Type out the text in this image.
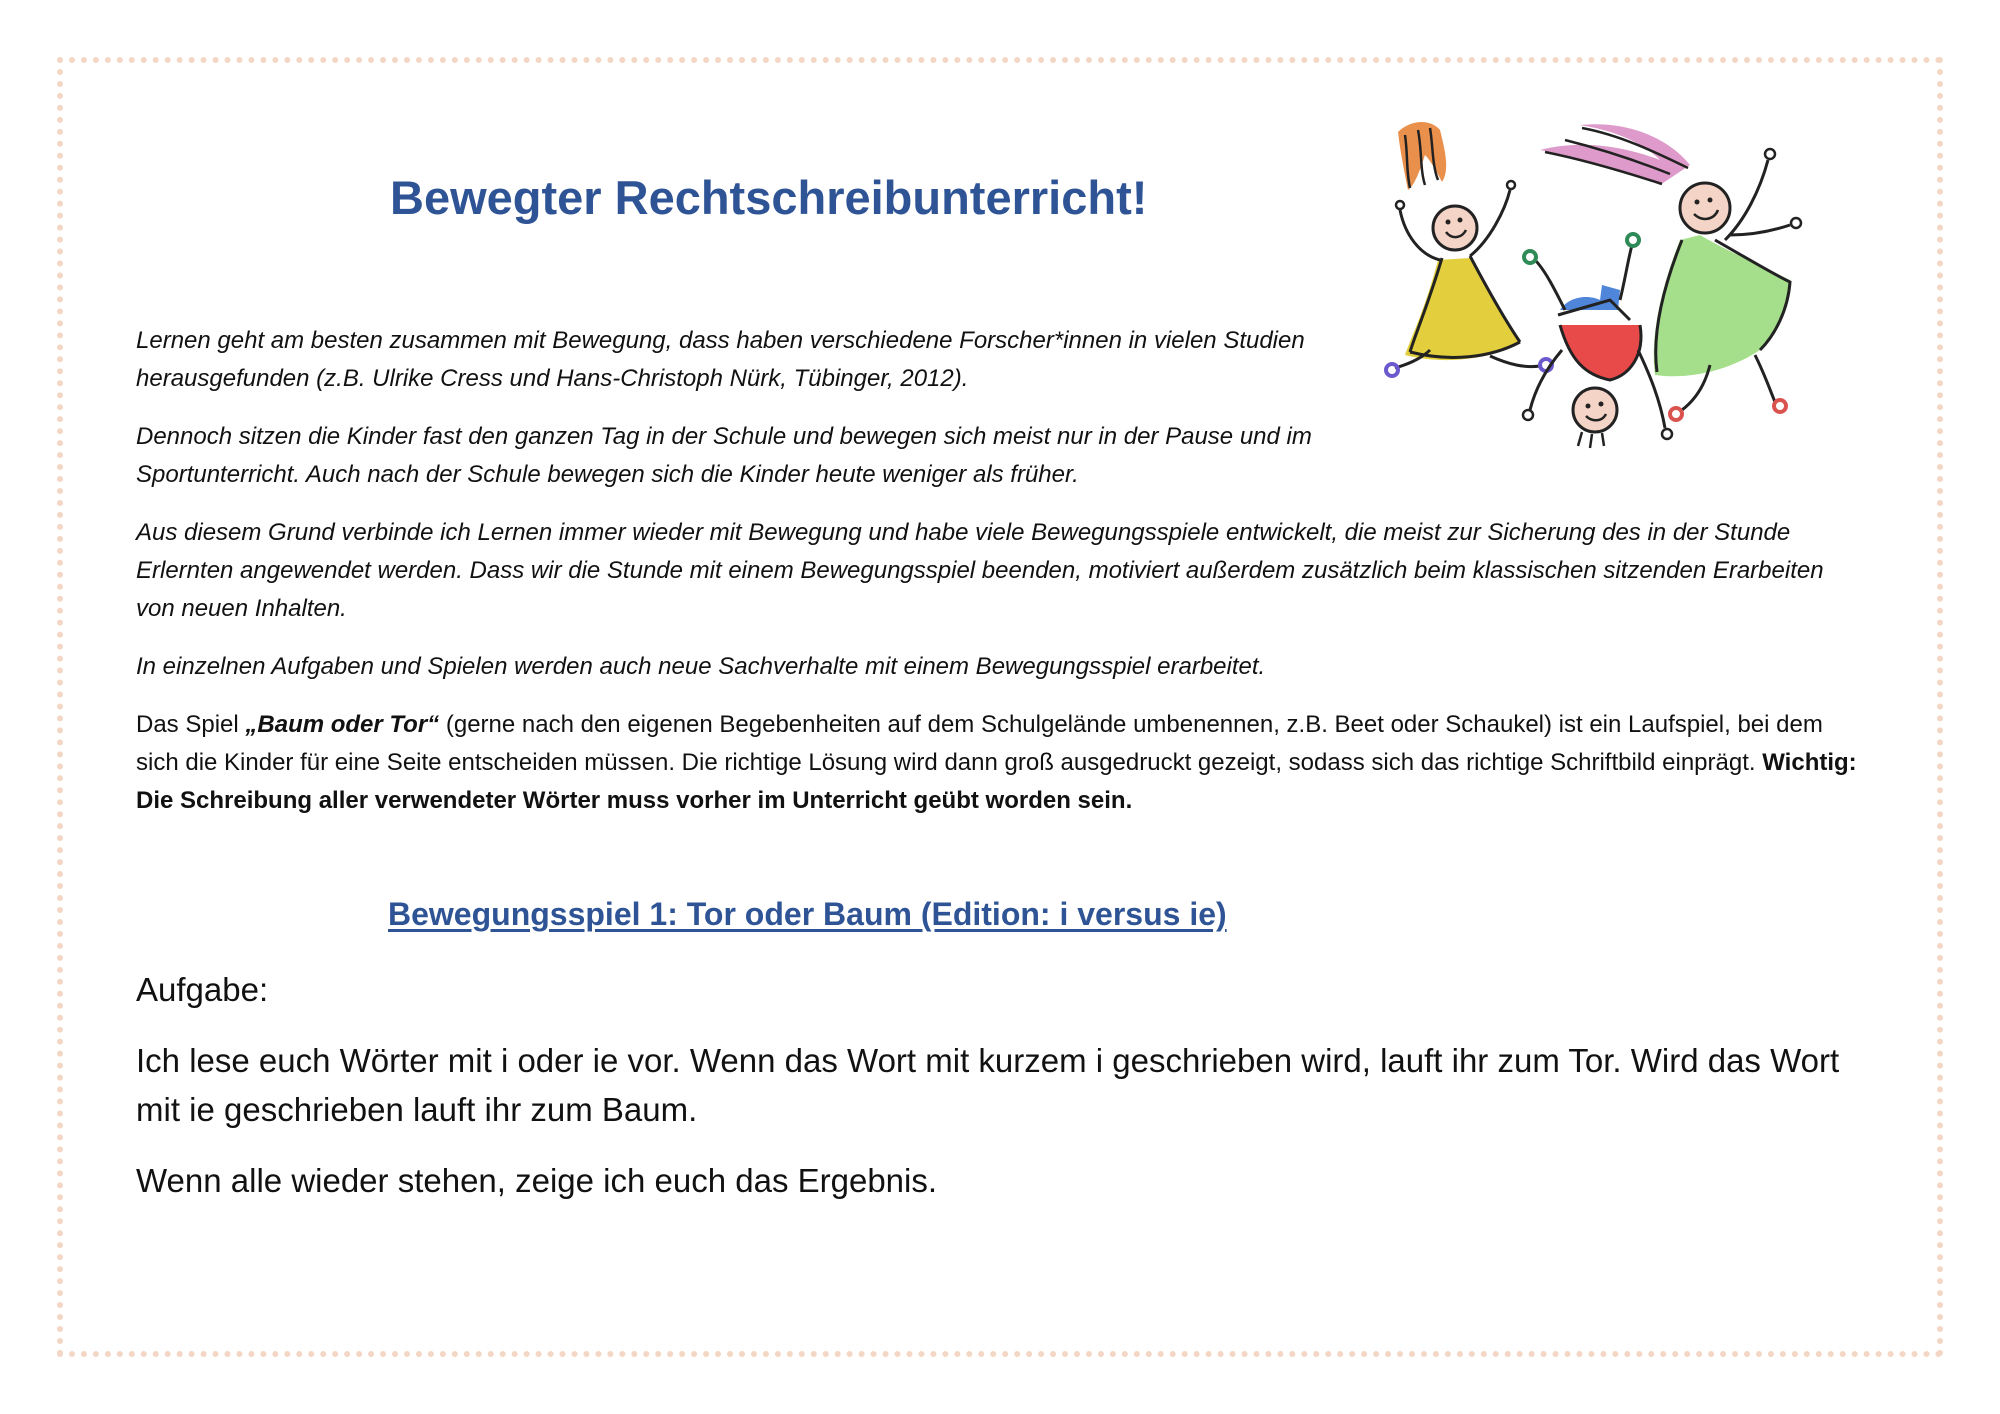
Bewegter Rechtschreibunterricht!

Lernen geht am besten zusammen mit Bewegung, dass haben verschiedene Forscher*innen in vielen Studien herausgefunden (z.B. Ulrike Cress und Hans-Christoph Nürk, Tübinger, 2012).

Dennoch sitzen die Kinder fast den ganzen Tag in der Schule und bewegen sich meist nur in der Pause und im Sportunterricht. Auch nach der Schule bewegen sich die Kinder heute weniger als früher.

Aus diesem Grund verbinde ich Lernen immer wieder mit Bewegung und habe viele Bewegungsspiele entwickelt, die meist zur Sicherung des in der Stunde Erlernten angewendet werden. Dass wir die Stunde mit einem Bewegungsspiel beenden, motiviert außerdem zusätzlich beim klassischen sitzenden Erarbeiten von neuen Inhalten.

In einzelnen Aufgaben und Spielen werden auch neue Sachverhalte mit einem Bewegungsspiel erarbeitet.

Das Spiel „Baum oder Tor“ (gerne nach den eigenen Begebenheiten auf dem Schulgelände umbenennen, z.B. Beet oder Schaukel) ist ein Laufspiel, bei dem sich die Kinder für eine Seite entscheiden müssen. Die richtige Lösung wird dann groß ausgedruckt gezeigt, sodass sich das richtige Schriftbild einprägt. Wichtig: Die Schreibung aller verwendeter Wörter muss vorher im Unterricht geübt worden sein.

Bewegungsspiel 1: Tor oder Baum (Edition: i versus ie)

Aufgabe:

Ich lese euch Wörter mit i oder ie vor. Wenn das Wort mit kurzem i geschrieben wird, lauft ihr zum Tor. Wird das Wort mit ie geschrieben lauft ihr zum Baum.

Wenn alle wieder stehen, zeige ich euch das Ergebnis.
